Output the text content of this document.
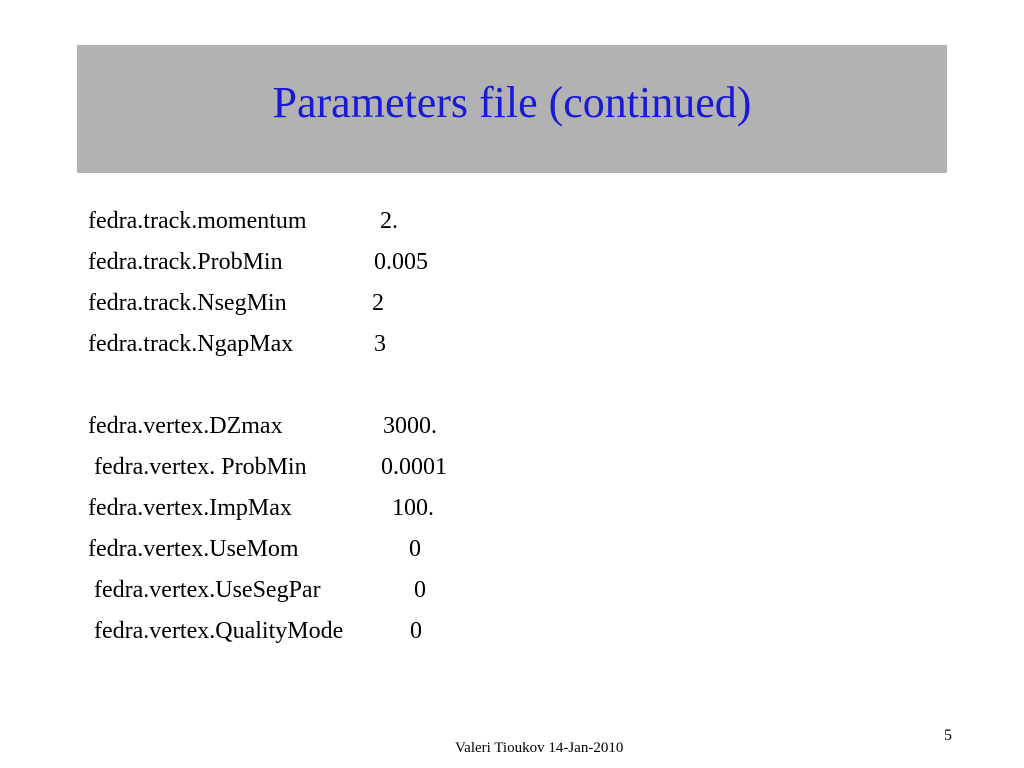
Parameters file (continued)
fedra.track.momentum	2.
fedra.track.ProbMin	0.005
fedra.track.NsegMin	2
fedra.track.NgapMax	3
fedra.vertex.DZmax	3000.
fedra.vertex. ProbMin	0.0001
fedra.vertex.ImpMax	100.
fedra.vertex.UseMom	0
fedra.vertex.UseSegPar	0
fedra.vertex.QualityMode	0
Valeri Tioukov 14-Jan-2010
5
